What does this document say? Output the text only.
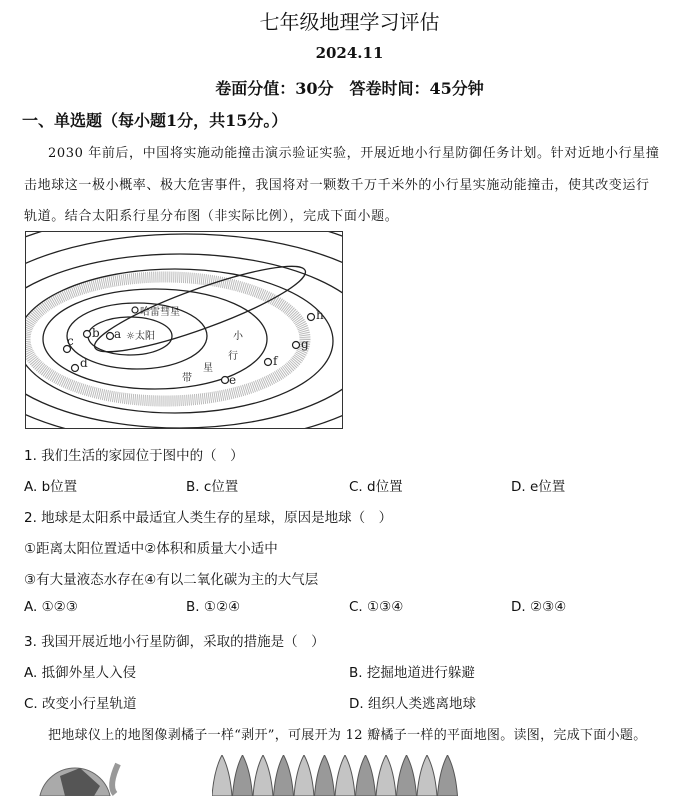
七年级地理学习评估
2024.11
卷面分值：30分　答卷时间：45分钟
一、单选题（每小题1分，共15分。）
2030 年前后，中国将实施动能撞击演示验证实验，开展近地小行星防御任务计划。针对近地小行星撞
击地球这一极小概率、极大危害事件，我国将对一颗数千万千米外的小行星实施动能撞击，使其改变运行
轨道。结合太阳系行星分布图（非实际比例），完成下面小题。
a
b
c
d
e
f
g
h
☼太阳
哈雷彗星
小
行
星
带
1. 我们生活的家园位于图中的（　）
A. b位置	B. c位置	C. d位置	D. e位置
2. 地球是太阳系中最适宜人类生存的星球，原因是地球（　）
①距离太阳位置适中②体积和质量大小适中
③有大量液态水存在④有以二氧化碳为主的大气层
A. ①②③	B. ①②④	C. ①③④	D. ②③④
3. 我国开展近地小行星防御，采取的措施是（　）
A. 抵御外星人入侵	B. 挖掘地道进行躲避
C. 改变小行星轨道	D. 组织人类逃离地球
把地球仪上的地图像剥橘子一样“剥开”，可展开为 12 瓣橘子一样的平面地图。读图，完成下面小题。
